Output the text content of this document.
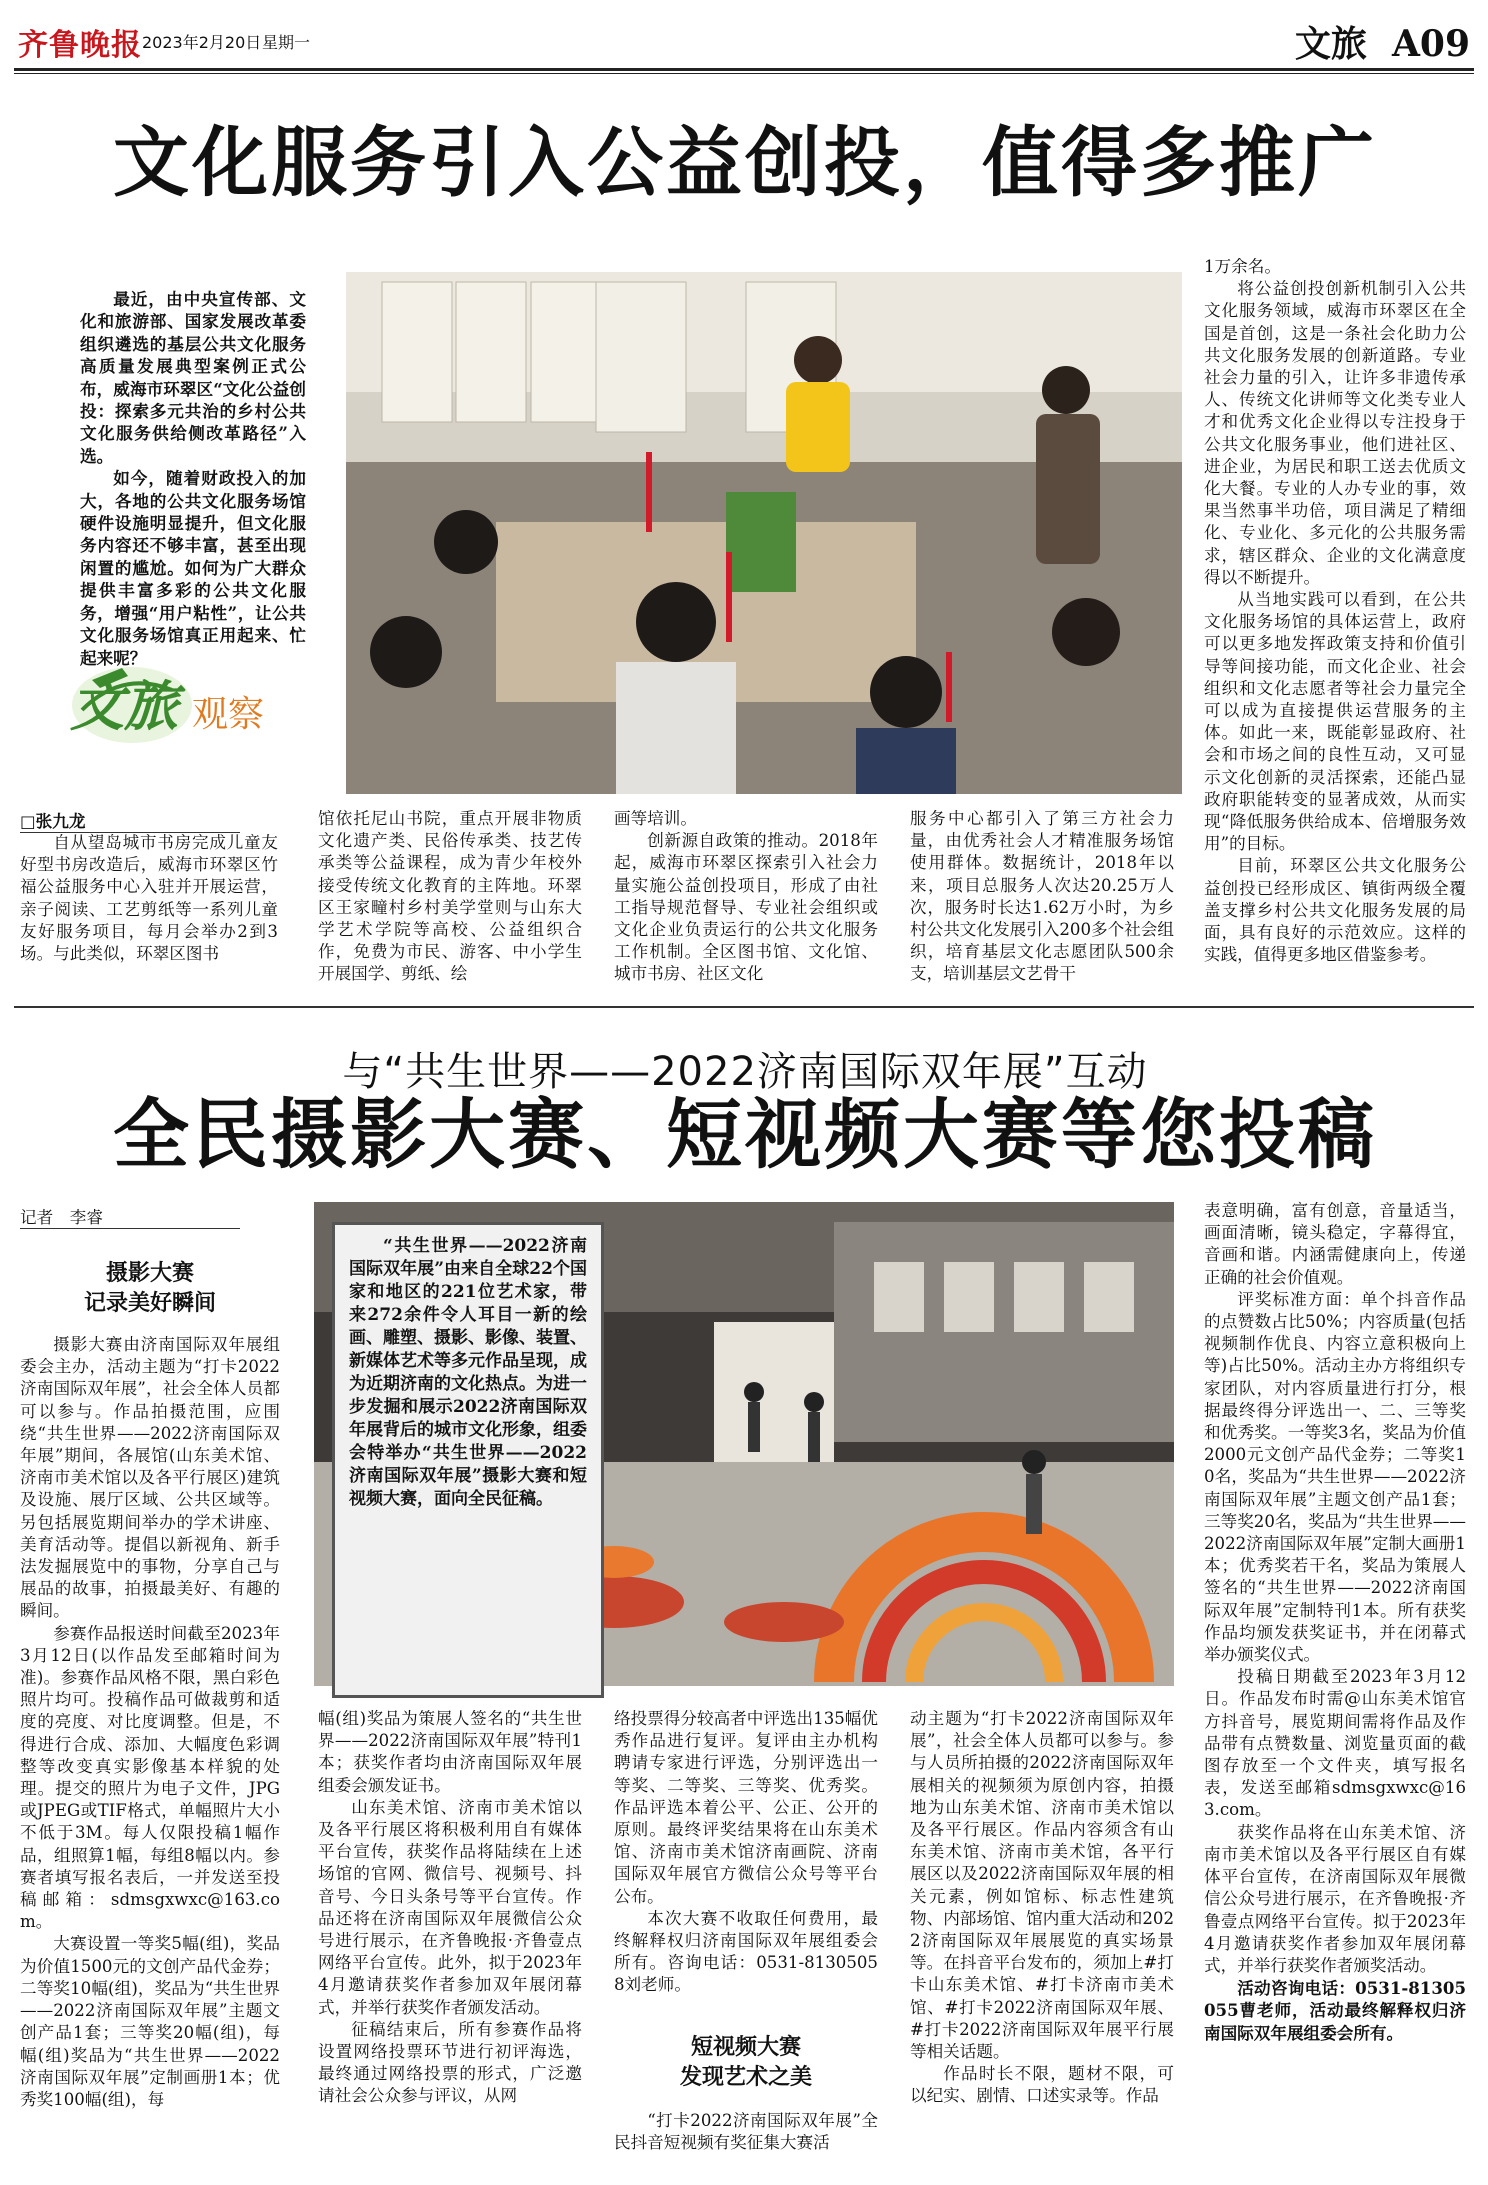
齐鲁晚报 2023年2月20日 星期一	文旅 A09
文化服务引入公益创投，值得多推广

最近，由中央宣传部、文化和旅游部、国家发展改革委组织遴选的基层公共文化服务高质量发展典型案例正式公布，威海市环翠区“文化公益创投：探索多元共治的乡村公共文化服务供给侧改革路径”入选。

如今，随着财政投入的加大，各地的公共文化服务场馆硬件设施明显提升，但文化服务内容还不够丰富，甚至出现闲置的尴尬。如何为广大群众提供丰富多彩的公共文化服务，增强“用户粘性”，让公共文化服务场馆真正用起来、忙起来呢？

文旅 观察
□张九龙

自从望岛城市书房完成儿童友好型书房改造后，威海市环翠区竹福公益服务中心入驻并开展运营，亲子阅读、工艺剪纸等一系列儿童友好服务项目，每月会举办2到3场。与此类似，环翠区图书

馆依托尼山书院，重点开展非物质文化遗产类、民俗传承类、技艺传承类等公益课程，成为青少年校外接受传统文化教育的主阵地。环翠区王家疃村乡村美学堂则与山东大学艺术学院等高校、公益组织合作，免费为市民、游客、中小学生开展国学、剪纸、绘

画等培训。

创新源自政策的推动。2018年起，威海市环翠区探索引入社会力量实施公益创投项目，形成了由社工指导规范督导、专业社会组织或文化企业负责运行的公共文化服务工作机制。全区图书馆、文化馆、城市书房、社区文化

服务中心都引入了第三方社会力量，由优秀社会人才精准服务场馆使用群体。数据统计，2018年以来，项目总服务人次达20.25万人次，服务时长达1.62万小时，为乡村公共文化发展引入200多个社会组织，培育基层文化志愿团队500余支，培训基层文艺骨干

1万余名。

将公益创投创新机制引入公共文化服务领域，威海市环翠区在全国是首创，这是一条社会化助力公共文化服务发展的创新道路。专业社会力量的引入，让许多非遗传承人、传统文化讲师等文化类专业人才和优秀文化企业得以专注投身于公共文化服务事业，他们进社区、进企业，为居民和职工送去优质文化大餐。专业的人办专业的事，效果当然事半功倍，项目满足了精细化、专业化、多元化的公共服务需求，辖区群众、企业的文化满意度得以不断提升。

从当地实践可以看到，在公共文化服务场馆的具体运营上，政府可以更多地发挥政策支持和价值引导等间接功能，而文化企业、社会组织和文化志愿者等社会力量完全可以成为直接提供运营服务的主体。如此一来，既能彰显政府、社会和市场之间的良性互动，又可显示文化创新的灵活探索，还能凸显政府职能转变的显著成效，从而实现“降低服务供给成本、倍增服务效用”的目标。

目前，环翠区公共文化服务公益创投已经形成区、镇街两级全覆盖支撑乡村公共文化服务发展的局面，具有良好的示范效应。这样的实践，值得更多地区借鉴参考。

与“共生世界——2022济南国际双年展”互动
全民摄影大赛、短视频大赛等您投稿
记者　李睿
摄影大赛
记录美好瞬间

摄影大赛由济南国际双年展组委会主办，活动主题为“打卡2022济南国际双年展”，社会全体人员都可以参与。作品拍摄范围，应围绕“共生世界——2022济南国际双年展”期间，各展馆(山东美术馆、济南市美术馆以及各平行展区)建筑及设施、展厅区域、公共区域等。另包括展览期间举办的学术讲座、美育活动等。提倡以新视角、新手法发掘展览中的事物，分享自己与展品的故事，拍摄最美好、有趣的瞬间。

参赛作品报送时间截至2023年3月12日(以作品发至邮箱时间为准)。参赛作品风格不限，黑白彩色照片均可。投稿作品可做裁剪和适度的亮度、对比度调整。但是，不得进行合成、添加、大幅度色彩调整等改变真实影像基本样貌的处理。提交的照片为电子文件，JPG或JPEG或TIF格式，单幅照片大小不低于3M。每人仅限投稿1幅作品，组照算1幅，每组8幅以内。参赛者填写报名表后，一并发送至投稿邮箱：sdmsgxwxc@163.com。

大赛设置一等奖5幅(组)，奖品为价值1500元的文创产品代金券；二等奖10幅(组)，奖品为“共生世界——2022济南国际双年展”主题文创产品1套；三等奖20幅(组)，每幅(组)奖品为“共生世界——2022济南国际双年展”定制画册1本；优秀奖100幅(组)，每

“共生世界——2022济南国际双年展”由来自全球22个国家和地区的221位艺术家，带来272余件令人耳目一新的绘画、雕塑、摄影、影像、装置、新媒体艺术等多元作品呈现，成为近期济南的文化热点。为进一步发掘和展示2022济南国际双年展背后的城市文化形象，组委会特举办“共生世界——2022济南国际双年展”摄影大赛和短视频大赛，面向全民征稿。

幅(组)奖品为策展人签名的“共生世界——2022济南国际双年展”特刊1本；获奖作者均由济南国际双年展组委会颁发证书。

山东美术馆、济南市美术馆以及各平行展区将积极利用自有媒体平台宣传，获奖作品将陆续在上述场馆的官网、微信号、视频号、抖音号、今日头条号等平台宣传。作品还将在济南国际双年展微信公众号进行展示，在齐鲁晚报·齐鲁壹点网络平台宣传。此外，拟于2023年4月邀请获奖作者参加双年展闭幕式，并举行获奖作者颁发活动。

征稿结束后，所有参赛作品将设置网络投票环节进行初评海选，最终通过网络投票的形式，广泛邀请社会公众参与评议，从网

络投票得分较高者中评选出135幅优秀作品进行复评。复评由主办机构聘请专家进行评选，分别评选出一等奖、二等奖、三等奖、优秀奖。作品评选本着公平、公正、公开的原则。最终评奖结果将在山东美术馆、济南市美术馆济南画院、济南国际双年展官方微信公众号等平台公布。

本次大赛不收取任何费用，最终解释权归济南国际双年展组委会所有。咨询电话：0531-81305058刘老师。

短视频大赛
发现艺术之美

“打卡2022济南国际双年展”全民抖音短视频有奖征集大赛活

动主题为“打卡2022济南国际双年展”，社会全体人员都可以参与。参与人员所拍摄的2022济南国际双年展相关的视频须为原创内容，拍摄地为山东美术馆、济南市美术馆以及各平行展区。作品内容须含有山东美术馆、济南市美术馆，各平行展区以及2022济南国际双年展的相关元素，例如馆标、标志性建筑物、内部场馆、馆内重大活动和2022济南国际双年展展览的真实场景等。在抖音平台发布的，须加上#打卡山东美术馆、#打卡济南市美术馆、#打卡2022济南国际双年展、#打卡2022济南国际双年展平行展等相关话题。

作品时长不限，题材不限，可以纪实、剧情、口述实录等。作品

表意明确，富有创意，音量适当，画面清晰，镜头稳定，字幕得宜，音画和谐。内涵需健康向上，传递正确的社会价值观。

评奖标准方面：单个抖音作品的点赞数占比50%；内容质量(包括视频制作优良、内容立意积极向上等)占比50%。活动主办方将组织专家团队，对内容质量进行打分，根据最终得分评选出一、二、三等奖和优秀奖。一等奖3名，奖品为价值2000元文创产品代金券；二等奖10名，奖品为“共生世界——2022济南国际双年展”主题文创产品1套；三等奖20名，奖品为“共生世界——2022济南国际双年展”定制大画册1本；优秀奖若干名，奖品为策展人签名的“共生世界——2022济南国际双年展”定制特刊1本。所有获奖作品均颁发获奖证书，并在闭幕式举办颁奖仪式。

投稿日期截至2023年3月12日。作品发布时需@山东美术馆官方抖音号，展览期间需将作品及作品带有点赞数量、浏览量页面的截图存放至一个文件夹，填写报名表，发送至邮箱sdmsgxwxc@163.com。

获奖作品将在山东美术馆、济南市美术馆以及各平行展区自有媒体平台宣传，在济南国际双年展微信公众号进行展示，在齐鲁晚报·齐鲁壹点网络平台宣传。拟于2023年4月邀请获奖作者参加双年展闭幕式，并举行获奖作者颁奖活动。

活动咨询电话：0531-81305055曹老师，活动最终解释权归济南国际双年展组委会所有。
